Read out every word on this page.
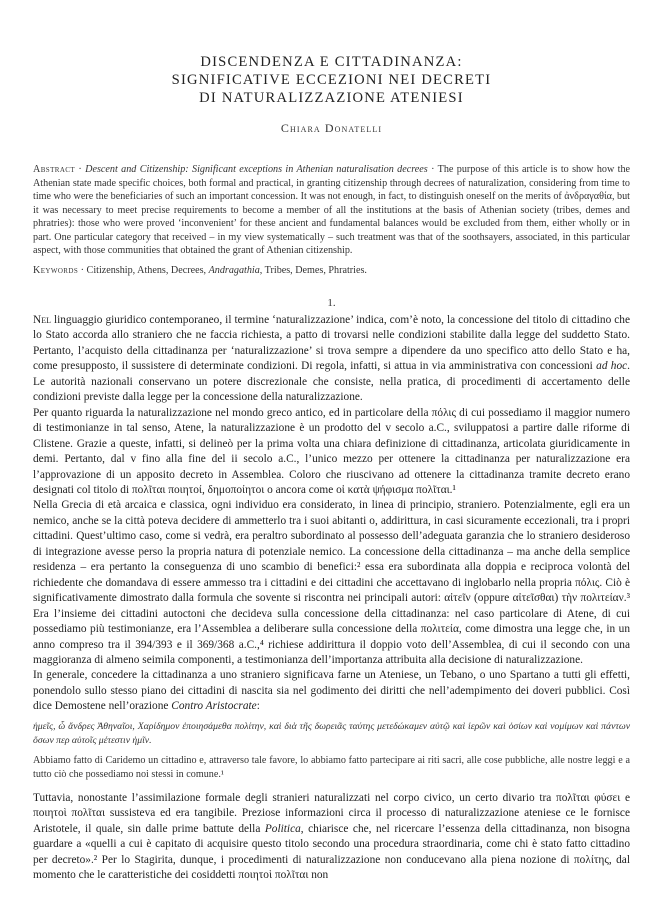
DISCENDENZA E CITTADINANZA:
SIGNIFICATIVE ECCEZIONI NEI DECRETI
DI NATURALIZZAZIONE ATENIESI
Chiara Donatelli
Abstract · Descent and Citizenship: Significant exceptions in Athenian naturalisation decrees · The purpose of this article is to show how the Athenian state made specific choices, both formal and practical, in granting citizenship through decrees of naturalization, considering from time to time who were the beneficiaries of such an important concession. It was not enough, in fact, to distinguish oneself on the merits of ἀνδραγαθία, but it was necessary to meet precise requirements to become a member of all the institutions at the basis of Athenian society (tribes, demes and phratries): those who were proved ‘inconvenient’ for these ancient and fundamental balances would be excluded from them, either wholly or in part. One particular category that received – in my view systematically – such treatment was that of the soothsayers, associated, in this particular aspect, with those communities that obtained the grant of Athenian citizenship.
Keywords · Citizenship, Athens, Decrees, Andragathia, Tribes, Demes, Phratries.
1.

Nel linguaggio giuridico contemporaneo, il termine ‘naturalizzazione’ indica, com’è noto, la concessione del titolo di cittadino che lo Stato accorda allo straniero che ne faccia richiesta, a patto di trovarsi nelle condizioni stabilite dalla legge del suddetto Stato. Pertanto, l’acquisto della cittadinanza per ‘naturalizzazione’ si trova sempre a dipendere da uno specifico atto dello Stato e ha, come presupposto, il sussistere di determinate condizioni. Di regola, infatti, si attua in via amministrativa con concessioni ad hoc. Le autorità nazionali conservano un potere discrezionale che consiste, nella pratica, di procedimenti di accertamento delle condizioni previste dalla legge per la concessione della naturalizzazione.

Per quanto riguarda la naturalizzazione nel mondo greco antico, ed in particolare della πόλις di cui possediamo il maggior numero di testimonianze in tal senso, Atene, la naturalizzazione è un prodotto del v secolo a.C., sviluppatosi a partire dalle riforme di Clistene. Grazie a queste, infatti, si delineò per la prima volta una chiara definizione di cittadinanza, articolata giuridicamente in demi. Pertanto, dal v fino alla fine del ii secolo a.C., l’unico mezzo per ottenere la cittadinanza per naturalizzazione era l’approvazione di un apposito decreto in Assemblea. Coloro che riuscivano ad ottenere la cittadinanza tramite decreto erano designati col titolo di πολῖται ποιητοί, δημοποίητοι o ancora come οἱ κατὰ ψήφισμα πολῖται.¹

Nella Grecia di età arcaica e classica, ogni individuo era considerato, in linea di principio, straniero. Potenzialmente, egli era un nemico, anche se la città poteva decidere di ammetterlo tra i suoi abitanti o, addirittura, in casi sicuramente eccezionali, tra i propri cittadini. Quest’ultimo caso, come si vedrà, era peraltro subordinato al possesso dell’adeguata garanzia che lo straniero desideroso di integrazione avesse perso la propria natura di potenziale nemico. La concessione della cittadinanza – ma anche della semplice residenza – era pertanto la conseguenza di uno scambio di benefici:² essa era subordinata alla doppia e reciproca volontà del richiedente che domandava di essere ammesso tra i cittadini e dei cittadini che accettavano di inglobarlo nella propria πόλις. Ciò è significativamente dimostrato dalla formula che sovente si riscontra nei principali autori: αἰτεῖν (oppure αἰτεῖσθαι) τὴν πολιτείαν.³ Era l’insieme dei cittadini autoctoni che decideva sulla concessione della cittadinanza: nel caso particolare di Atene, di cui possediamo più testimonianze, era l’Assemblea a deliberare sulla concessione della πολιτεία, come dimostra una legge che, in un anno compreso tra il 394/393 e il 369/368 a.C.,⁴ richiese addirittura il doppio voto dell’Assemblea, di cui il secondo con una maggioranza di almeno seimila componenti, a testimonianza dell’importanza attribuita alla decisione di naturalizzazione.

In generale, concedere la cittadinanza a uno straniero significava farne un Ateniese, un Tebano, o uno Spartano a tutti gli effetti, ponendolo sullo stesso piano dei cittadini di nascita sia nel godimento dei diritti che nell’adempimento dei doveri pubblici. Così dice Demostene nell’orazione Contro Aristocrate:

ἡμεῖς, ὦ ἄνδρες Ἀθηναῖοι, Χαρίδημον ἐποιησάμεθα πολίτην, καὶ διὰ τῆς δωρειᾶς ταύτης μετεδώκαμεν αὐτῷ καὶ ἱερῶν καὶ ὁσίων καὶ νομίμων καὶ πάντων ὅσων περ αὐτοῖς μέτεστιν ἡμῖν.
Abbiamo fatto di Caridemo un cittadino e, attraverso tale favore, lo abbiamo fatto partecipare ai riti sacri, alle cose pubbliche, alle nostre leggi e a tutto ciò che possediamo noi stessi in comune.¹

Tuttavia, nonostante l’assimilazione formale degli stranieri naturalizzati nel corpo civico, un certo divario tra πολῖται φύσει e ποιητοὶ πολῖται sussisteva ed era tangibile. Preziose informazioni circa il processo di naturalizzazione ateniese ce le fornisce Aristotele, il quale, sin dalle prime battute della Politica, chiarisce che, nel ricercare l’essenza della cittadinanza, non bisogna guardare a «quelli a cui è capitato di acquisire questo titolo secondo una procedura straordinaria, come chi è stato fatto cittadino per decreto».² Per lo Stagirita, dunque, i procedimenti di naturalizzazione non conducevano alla piena nozione di πολίτης, dal momento che le caratteristiche dei cosiddetti ποιητοὶ πολῖται non
